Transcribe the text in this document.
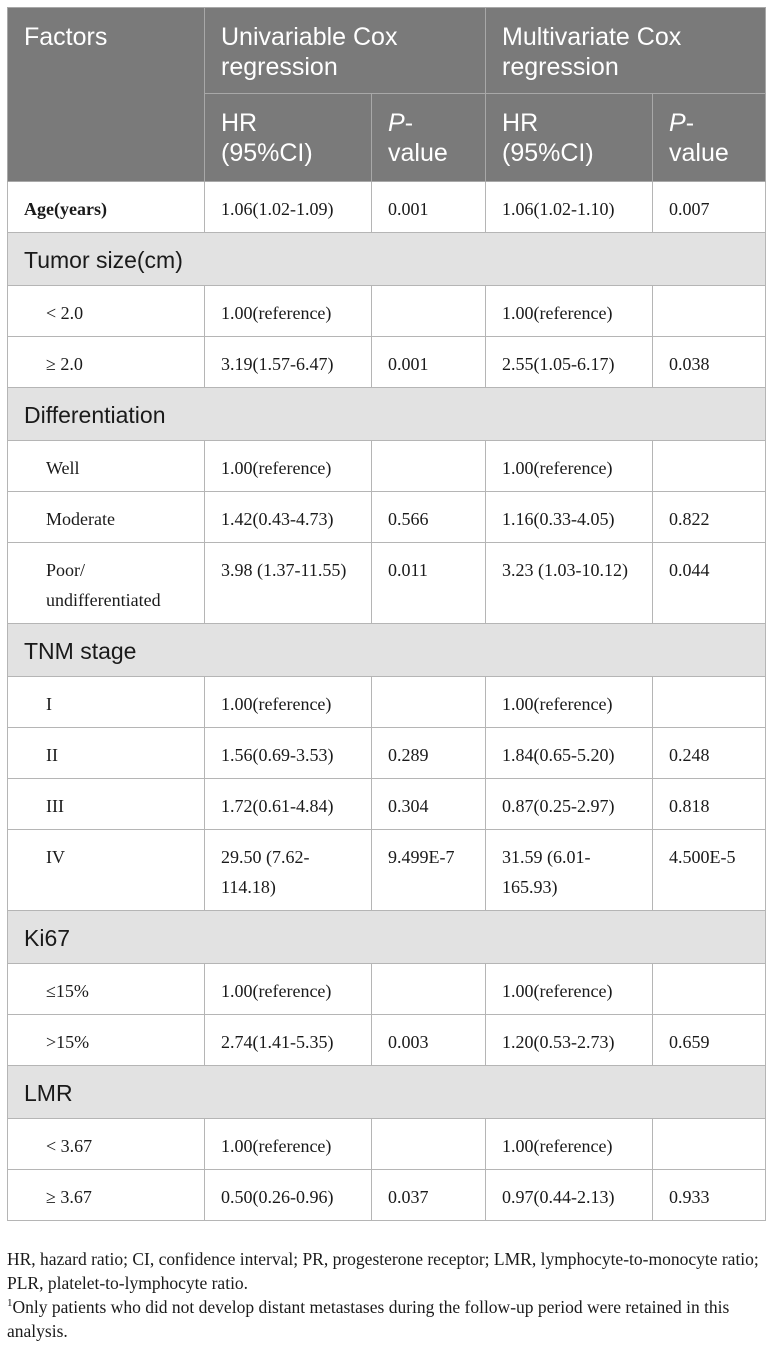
Factors	Univariable Cox regression		Multivariate Cox regression	
	HR (95%CI)	P-value	HR (95%CI)	P-value
Age(years)	1.06(1.02-1.09)	0.001	1.06(1.02-1.10)	0.007
Tumor size(cm)				
< 2.0	1.00(reference)		1.00(reference)	
≥ 2.0	3.19(1.57-6.47)	0.001	2.55(1.05-6.17)	0.038
Differentiation				
Well	1.00(reference)		1.00(reference)	
Moderate	1.42(0.43-4.73)	0.566	1.16(0.33-4.05)	0.822
Poor/ undifferentiated	3.98 (1.37-11.55)	0.011	3.23 (1.03-10.12)	0.044
TNM stage				
I	1.00(reference)		1.00(reference)	
II	1.56(0.69-3.53)	0.289	1.84(0.65-5.20)	0.248
III	1.72(0.61-4.84)	0.304	0.87(0.25-2.97)	0.818
IV	29.50 (7.62-114.18)	9.499E-7	31.59 (6.01-165.93)	4.500E-5
Ki67				
≤15%	1.00(reference)		1.00(reference)	
>15%	2.74(1.41-5.35)	0.003	1.20(0.53-2.73)	0.659
LMR				
< 3.67	1.00(reference)		1.00(reference)	
≥ 3.67	0.50(0.26-0.96)	0.037	0.97(0.44-2.13)	0.933

HR, hazard ratio; CI, confidence interval; PR, progesterone receptor; LMR, lymphocyte-to-monocyte ratio; PLR, platelet-to-lymphocyte ratio.

$^1$Only patients who did not develop distant metastases during the follow-up period were retained in this analysis.
